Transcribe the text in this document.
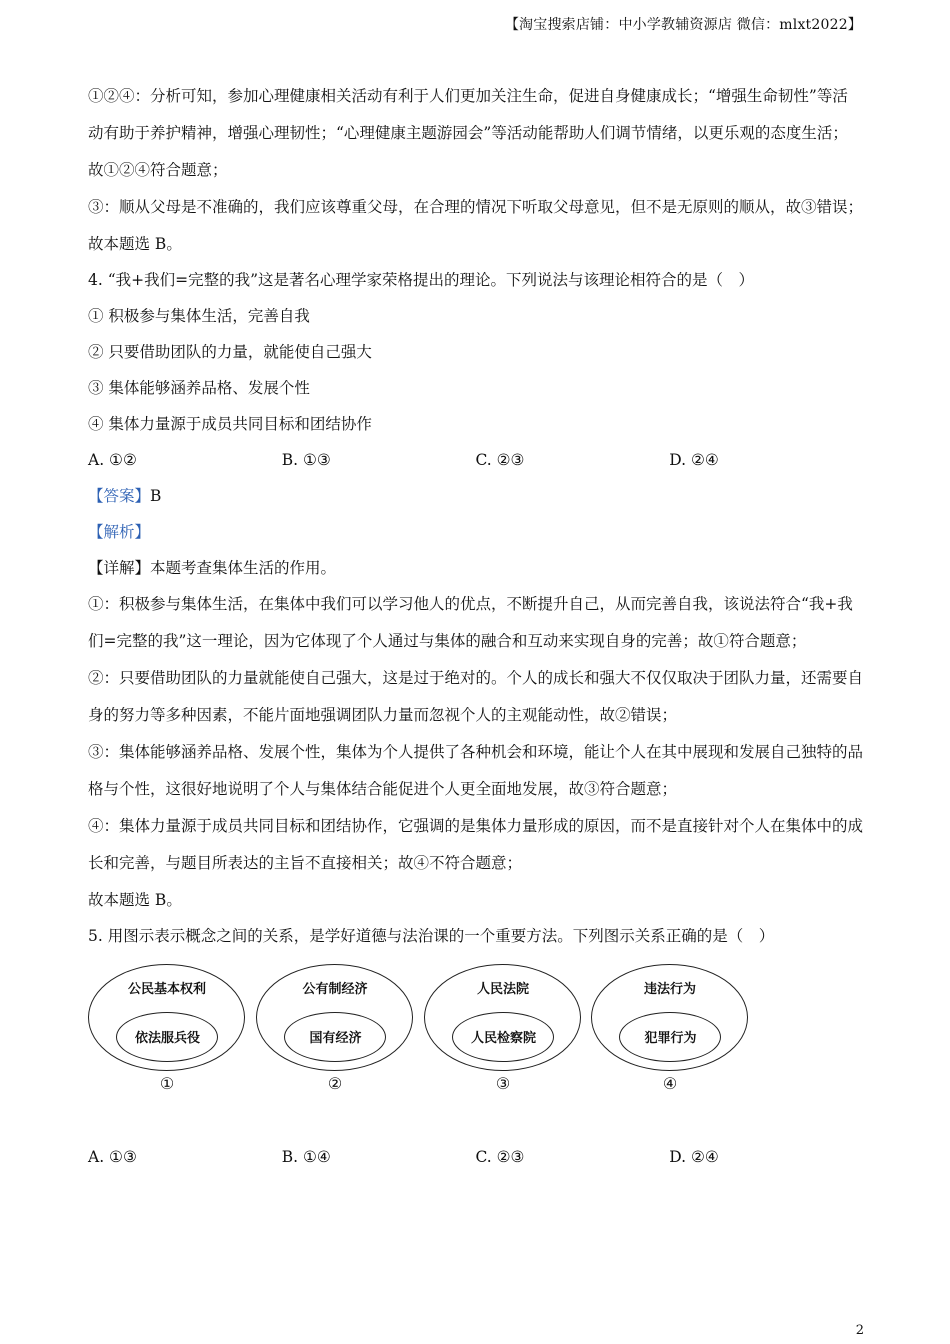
【淘宝搜索店铺：中小学教辅资源店 微信：mlxt2022】

①②④：分析可知，参加心理健康相关活动有利于人们更加关注生命，促进自身健康成长；“增强生命韧性”等活动有助于养护精神，增强心理韧性；“心理健康主题游园会”等活动能帮助人们调节情绪，以更乐观的态度生活；故①②④符合题意；

③：顺从父母是不准确的，我们应该尊重父母，在合理的情况下听取父母意见，但不是无原则的顺从，故③错误；

故本题选 B。

4. “我+我们=完整的我”这是著名心理学家荣格提出的理论。下列说法与该理论相符合的是（　）

① 积极参与集体生活，完善自我

② 只要借助团队的力量，就能使自己强大

③ 集体能够涵养品格、发展个性

④ 集体力量源于成员共同目标和团结协作

A. ①②	B. ①③	C. ②③	D. ②④

【答案】B

【解析】

【详解】本题考查集体生活的作用。

①：积极参与集体生活，在集体中我们可以学习他人的优点，不断提升自己，从而完善自我，该说法符合“我+我们=完整的我”这一理论，因为它体现了个人通过与集体的融合和互动来实现自身的完善；故①符合题意；

②：只要借助团队的力量就能使自己强大，这是过于绝对的。个人的成长和强大不仅仅取决于团队力量，还需要自身的努力等多种因素，不能片面地强调团队力量而忽视个人的主观能动性，故②错误；

③：集体能够涵养品格、发展个性，集体为个人提供了各种机会和环境，能让个人在其中展现和发展自己独特的品格与个性，这很好地说明了个人与集体结合能促进个人更全面地发展，故③符合题意；

④：集体力量源于成员共同目标和团结协作，它强调的是集体力量形成的原因，而不是直接针对个人在集体中的成长和完善，与题目所表达的主旨不直接相关；故④不符合题意；

故本题选 B。

5. 用图示表示概念之间的关系，是学好道德与法治课的一个重要方法。下列图示关系正确的是（　）

公民基本权利
依法服兵役
①
公有制经济
国有经济
②
人民法院
人民检察院
③
违法行为
犯罪行为
④
A. ①③	B. ①④	C. ②③	D. ②④
2
